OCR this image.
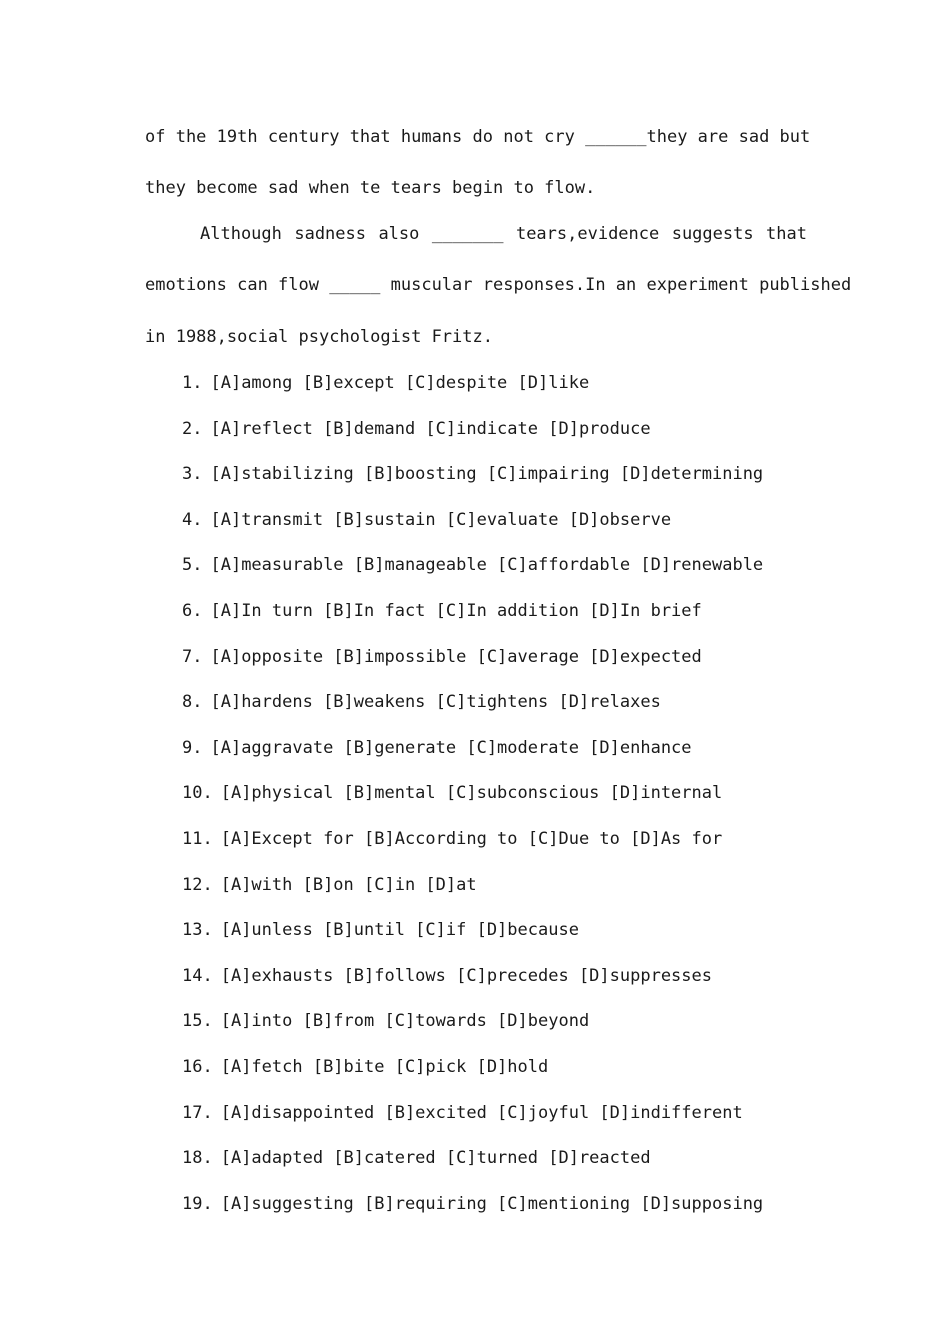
of the 19th century that humans do not cry ______they are sad but
they become sad when te tears begin to flow.
Although sadness also _______ tears,evidence suggests that
emotions can flow _____ muscular responses.In an experiment published
in 1988,social psychologist Fritz.
1. [A]among [B]except [C]despite [D]like
2. [A]reflect [B]demand [C]indicate [D]produce
3. [A]stabilizing [B]boosting [C]impairing [D]determining
4. [A]transmit [B]sustain [C]evaluate [D]observe
5. [A]measurable [B]manageable [C]affordable [D]renewable
6. [A]In turn [B]In fact [C]In addition [D]In brief
7. [A]opposite [B]impossible [C]average [D]expected
8. [A]hardens [B]weakens [C]tightens [D]relaxes
9. [A]aggravate [B]generate [C]moderate [D]enhance
10. [A]physical [B]mental [C]subconscious [D]internal
11. [A]Except for [B]According to [C]Due to [D]As for
12. [A]with [B]on [C]in [D]at
13. [A]unless [B]until [C]if [D]because
14. [A]exhausts [B]follows [C]precedes [D]suppresses
15. [A]into [B]from [C]towards [D]beyond
16. [A]fetch [B]bite [C]pick [D]hold
17. [A]disappointed [B]excited [C]joyful [D]indifferent
18. [A]adapted [B]catered [C]turned [D]reacted
19. [A]suggesting [B]requiring [C]mentioning [D]supposing
